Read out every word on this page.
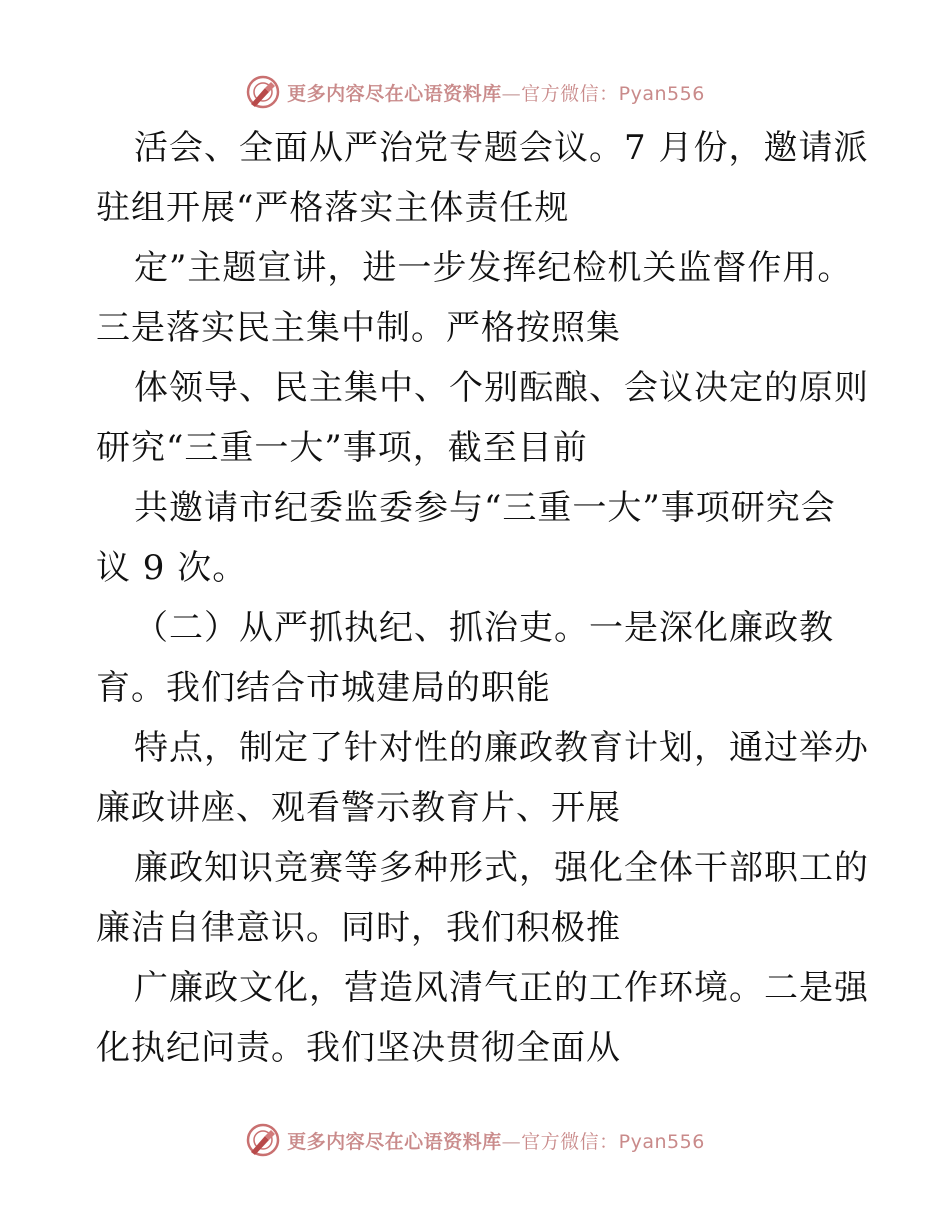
更多内容尽在心语资料库—官方微信：Pyan556
活会、全面从严治党专题会议。7 月份，邀请派
驻组开展“严格落实主体责任规
定”主题宣讲，进一步发挥纪检机关监督作用。
三是落实民主集中制。严格按照集
体领导、民主集中、个别酝酿、会议决定的原则
研究“三重一大”事项，截至目前
共邀请市纪委监委参与“三重一大”事项研究会
议 9 次。
（二）从严抓执纪、抓治吏。一是深化廉政教
育。我们结合市城建局的职能
特点，制定了针对性的廉政教育计划，通过举办
廉政讲座、观看警示教育片、开展
廉政知识竞赛等多种形式，强化全体干部职工的
廉洁自律意识。同时，我们积极推
广廉政文化，营造风清气正的工作环境。二是强
化执纪问责。我们坚决贯彻全面从
更多内容尽在心语资料库—官方微信：Pyan556
